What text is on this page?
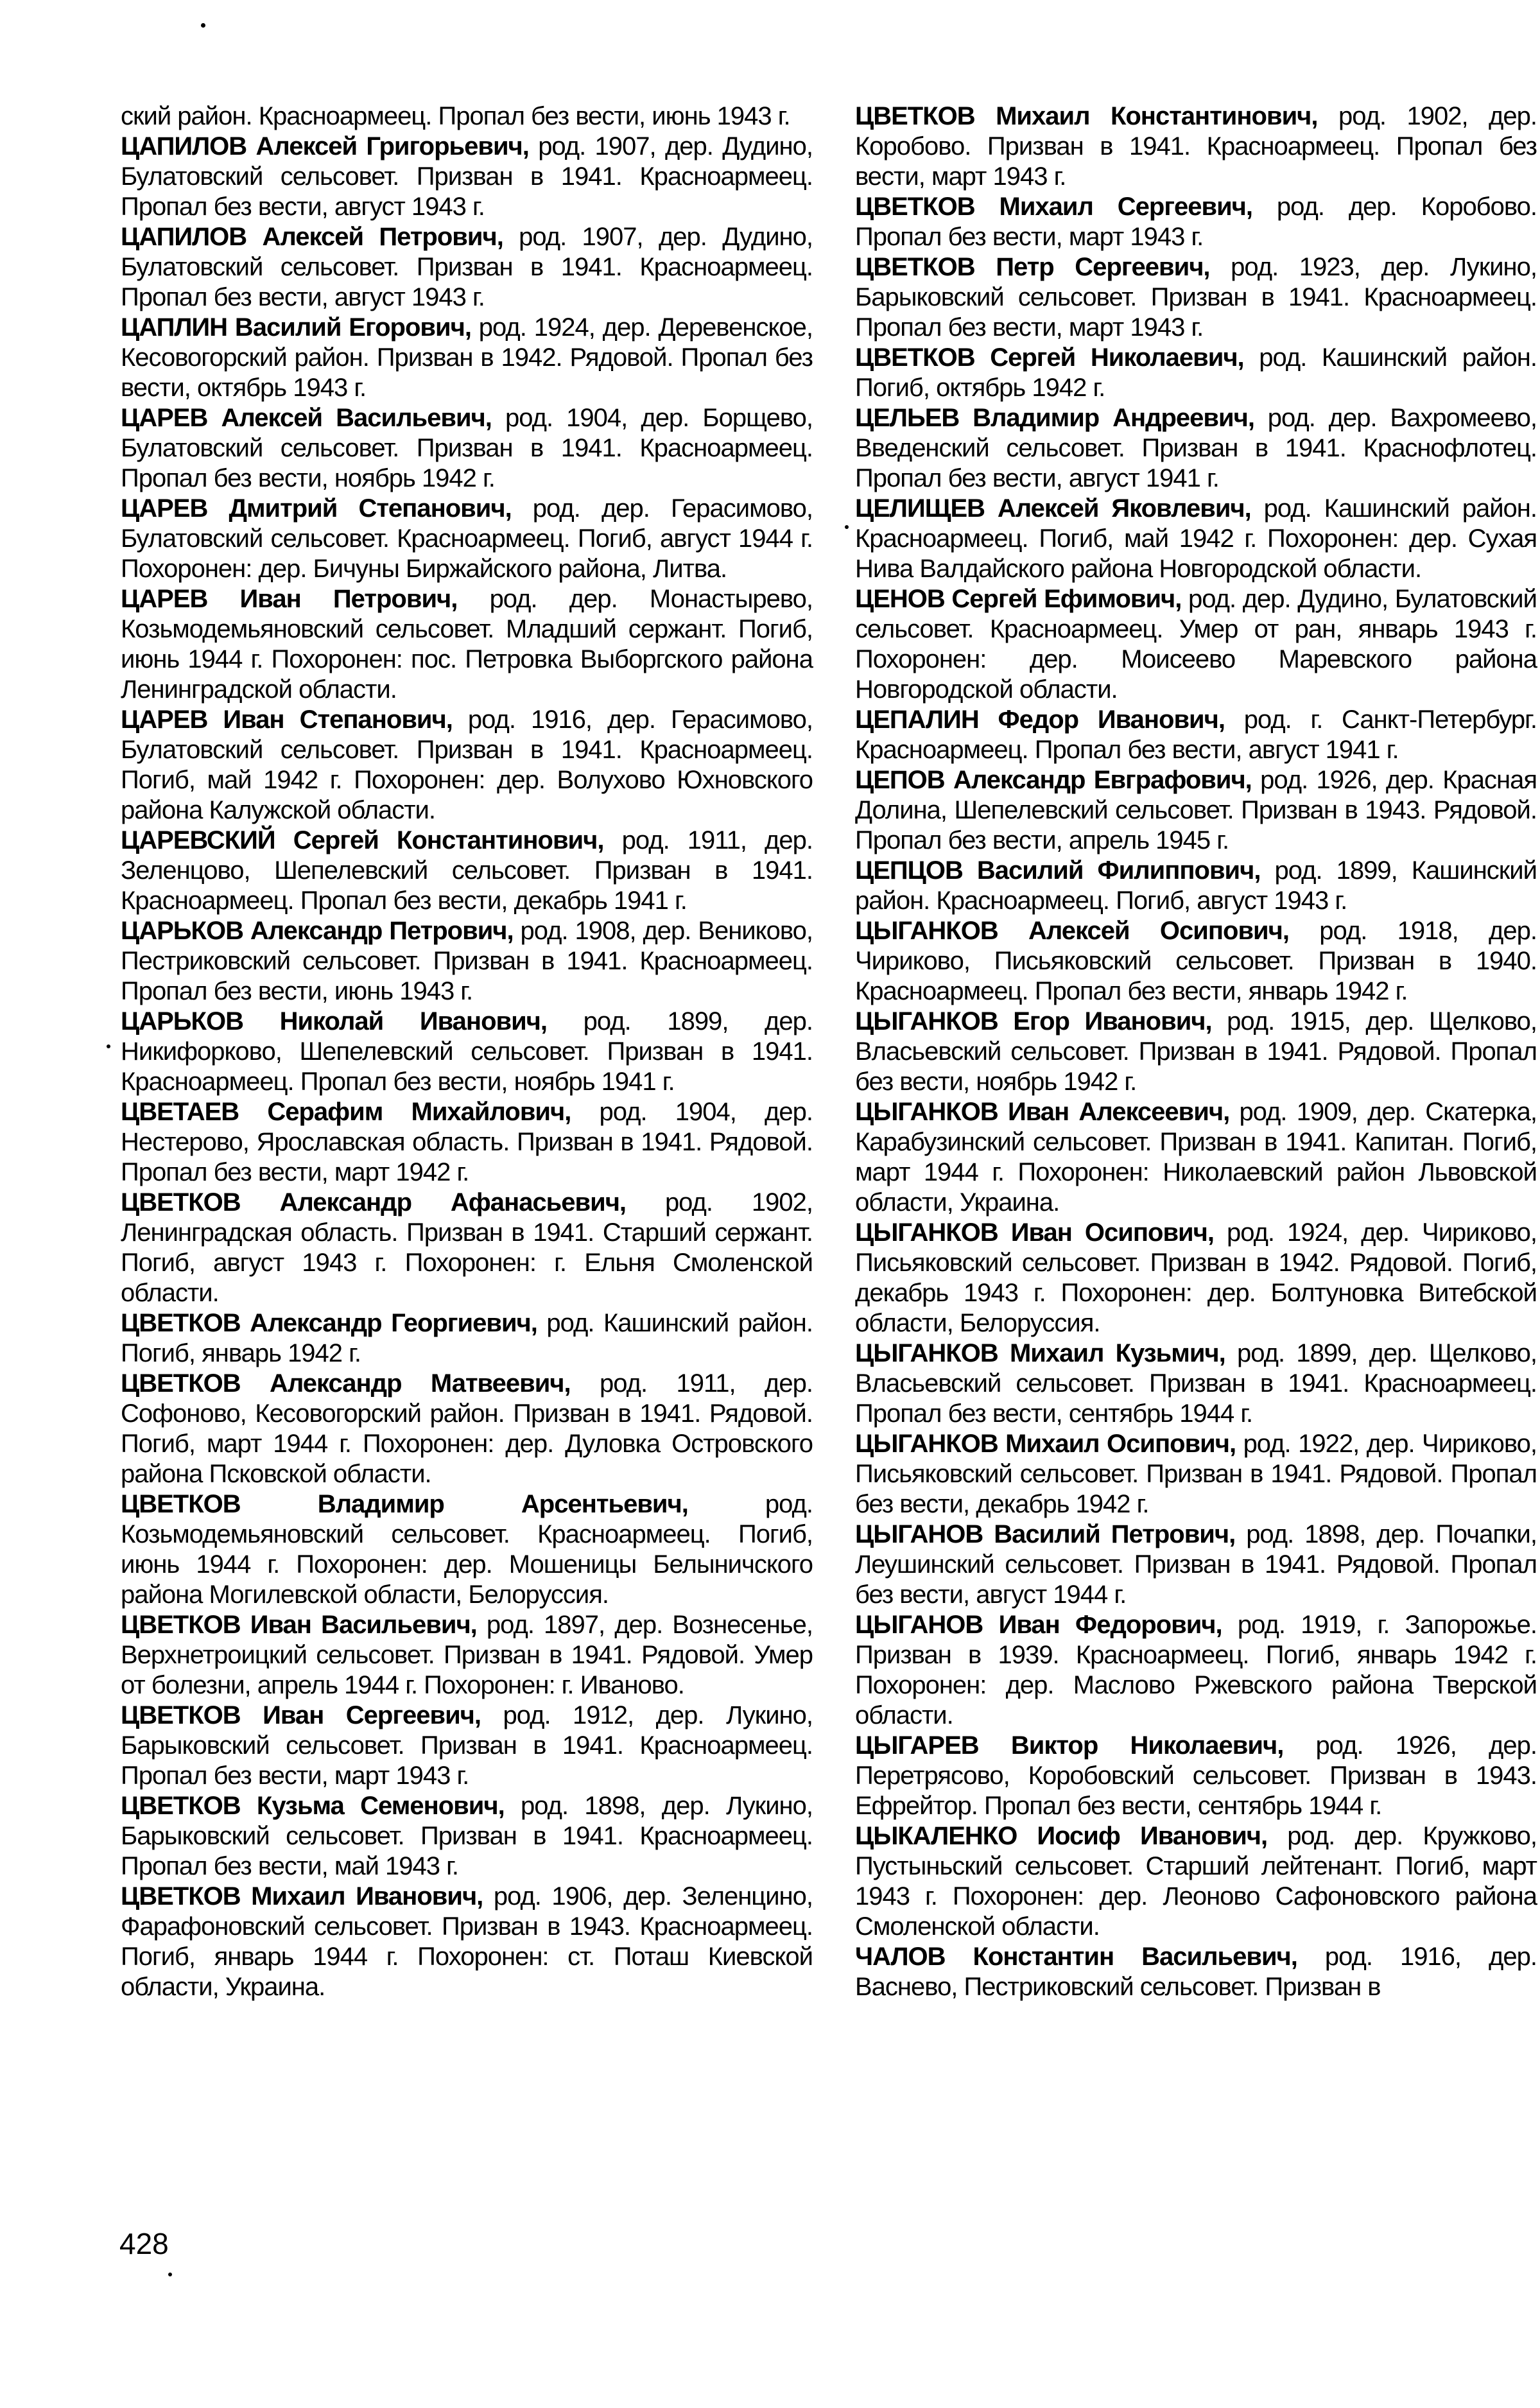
ский район. Красноармеец. Пропал без вести, июнь 1943 г.

ЦАПИЛОВ Алексей Григорьевич, род. 1907, дер. Дудино, Булатовский сельсовет. Призван в 1941. Красноармеец. Пропал без вести, август 1943 г.

ЦАПИЛОВ Алексей Петрович, род. 1907, дер. Дудино, Булатовский сельсовет. Призван в 1941. Красноармеец. Пропал без вести, август 1943 г.

ЦАПЛИН Василий Егорович, род. 1924, дер. Деревенское, Кесовогорский район. Призван в 1942. Рядовой. Пропал без вести, октябрь 1943 г.

ЦАРЕВ Алексей Васильевич, род. 1904, дер. Борщево, Булатовский сельсовет. Призван в 1941. Красноармеец. Пропал без вести, ноябрь 1942 г.

ЦАРЕВ Дмитрий Степанович, род. дер. Герасимово, Булатовский сельсовет. Красноармеец. Погиб, август 1944 г. Похоронен: дер. Бичуны Биржайского района, Литва.

ЦАРЕВ Иван Петрович, род. дер. Монастырево, Козьмодемьяновский сельсовет. Младший сержант. Погиб, июнь 1944 г. Похоронен: пос. Петровка Выборгского района Ленинградской области.

ЦАРЕВ Иван Степанович, род. 1916, дер. Герасимово, Булатовский сельсовет. Призван в 1941. Красноармеец. Погиб, май 1942 г. Похоронен: дер. Волухово Юхновского района Калужской области.

ЦАРЕВСКИЙ Сергей Константинович, род. 1911, дер. Зеленцово, Шепелевский сельсовет. Призван в 1941. Красноармеец. Пропал без вести, декабрь 1941 г.

ЦАРЬКОВ Александр Петрович, род. 1908, дер. Вениково, Пестриковский сельсовет. Призван в 1941. Красноармеец. Пропал без вести, июнь 1943 г.

ЦАРЬКОВ Николай Иванович, род. 1899, дер. Никифорково, Шепелевский сельсовет. Призван в 1941. Красноармеец. Пропал без вести, ноябрь 1941 г.

ЦВЕТАЕВ Серафим Михайлович, род. 1904, дер. Нестерово, Ярославская область. Призван в 1941. Рядовой. Пропал без вести, март 1942 г.

ЦВЕТКОВ Александр Афанасьевич, род. 1902, Ленинградская область. Призван в 1941. Старший сержант. Погиб, август 1943 г. Похоронен: г. Ельня Смоленской области.

ЦВЕТКОВ Александр Георгиевич, род. Кашинский район. Погиб, январь 1942 г.

ЦВЕТКОВ Александр Матвеевич, род. 1911, дер. Софоново, Кесовогорский район. Призван в 1941. Рядовой. Погиб, март 1944 г. Похоронен: дер. Дуловка Островского района Псковской области.

ЦВЕТКОВ Владимир Арсентьевич, род. Козьмодемьяновский сельсовет. Красноармеец. Погиб, июнь 1944 г. Похоронен: дер. Мошеницы Белыничского района Могилевской области, Белоруссия.

ЦВЕТКОВ Иван Васильевич, род. 1897, дер. Вознесенье, Верхнетроицкий сельсовет. Призван в 1941. Рядовой. Умер от болезни, апрель 1944 г. Похоронен: г. Иваново.

ЦВЕТКОВ Иван Сергеевич, род. 1912, дер. Лукино, Барыковский сельсовет. Призван в 1941. Красноармеец. Пропал без вести, март 1943 г.

ЦВЕТКОВ Кузьма Семенович, род. 1898, дер. Лукино, Барыковский сельсовет. Призван в 1941. Красноармеец. Пропал без вести, май 1943 г.

ЦВЕТКОВ Михаил Иванович, род. 1906, дер. Зеленцино, Фарафоновский сельсовет. Призван в 1943. Красноармеец. Погиб, январь 1944 г. Похоронен: ст. Поташ Киевской области, Украина.

ЦВЕТКОВ Михаил Константинович, род. 1902, дер. Коробово. Призван в 1941. Красноармеец. Пропал без вести, март 1943 г.

ЦВЕТКОВ Михаил Сергеевич, род. дер. Коробово. Пропал без вести, март 1943 г.

ЦВЕТКОВ Петр Сергеевич, род. 1923, дер. Лукино, Барыковский сельсовет. Призван в 1941. Красноармеец. Пропал без вести, март 1943 г.

ЦВЕТКОВ Сергей Николаевич, род. Кашинский район. Погиб, октябрь 1942 г.

ЦЕЛЬЕВ Владимир Андреевич, род. дер. Вахромеево, Введенский сельсовет. Призван в 1941. Краснофлотец. Пропал без вести, август 1941 г.

ЦЕЛИЩЕВ Алексей Яковлевич, род. Кашинский район. Красноармеец. Погиб, май 1942 г. Похоронен: дер. Сухая Нива Валдайского района Новгородской области.

ЦЕНОВ Сергей Ефимович, род. дер. Дудино, Булатовский сельсовет. Красноармеец. Умер от ран, январь 1943 г. Похоронен: дер. Моисеево Маревского района Новгородской области.

ЦЕПАЛИН Федор Иванович, род. г. Санкт-Петербург. Красноармеец. Пропал без вести, август 1941 г.

ЦЕПОВ Александр Евграфович, род. 1926, дер. Красная Долина, Шепелевский сельсовет. Призван в 1943. Рядовой. Пропал без вести, апрель 1945 г.

ЦЕПЦОВ Василий Филиппович, род. 1899, Кашинский район. Красноармеец. Погиб, август 1943 г.

ЦЫГАНКОВ Алексей Осипович, род. 1918, дер. Чириково, Письяковский сельсовет. Призван в 1940. Красноармеец. Пропал без вести, январь 1942 г.

ЦЫГАНКОВ Егор Иванович, род. 1915, дер. Щелково, Власьевский сельсовет. Призван в 1941. Рядовой. Пропал без вести, ноябрь 1942 г.

ЦЫГАНКОВ Иван Алексеевич, род. 1909, дер. Скатерка, Карабузинский сельсовет. Призван в 1941. Капитан. Погиб, март 1944 г. Похоронен: Николаевский район Львовской области, Украина.

ЦЫГАНКОВ Иван Осипович, род. 1924, дер. Чириково, Письяковский сельсовет. Призван в 1942. Рядовой. Погиб, декабрь 1943 г. Похоронен: дер. Болтуновка Витебской области, Белоруссия.

ЦЫГАНКОВ Михаил Кузьмич, род. 1899, дер. Щелково, Власьевский сельсовет. Призван в 1941. Красноармеец. Пропал без вести, сентябрь 1944 г.

ЦЫГАНКОВ Михаил Осипович, род. 1922, дер. Чириково, Письяковский сельсовет. Призван в 1941. Рядовой. Пропал без вести, декабрь 1942 г.

ЦЫГАНОВ Василий Петрович, род. 1898, дер. Почапки, Леушинский сельсовет. Призван в 1941. Рядовой. Пропал без вести, август 1944 г.

ЦЫГАНОВ Иван Федорович, род. 1919, г. Запорожье. Призван в 1939. Красноармеец. Погиб, январь 1942 г. Похоронен: дер. Маслово Ржевского района Тверской области.

ЦЫГАРЕВ Виктор Николаевич, род. 1926, дер. Перетрясово, Коробовский сельсовет. Призван в 1943. Ефрейтор. Пропал без вести, сентябрь 1944 г.

ЦЫКАЛЕНКО Иосиф Иванович, род. дер. Кружково, Пустыньский сельсовет. Старший лейтенант. Погиб, март 1943 г. Похоронен: дер. Леоново Сафоновского района Смоленской области.

ЧАЛОВ Константин Васильевич, род. 1916, дер. Васнево, Пестриковский сельсовет. Призван в

428
